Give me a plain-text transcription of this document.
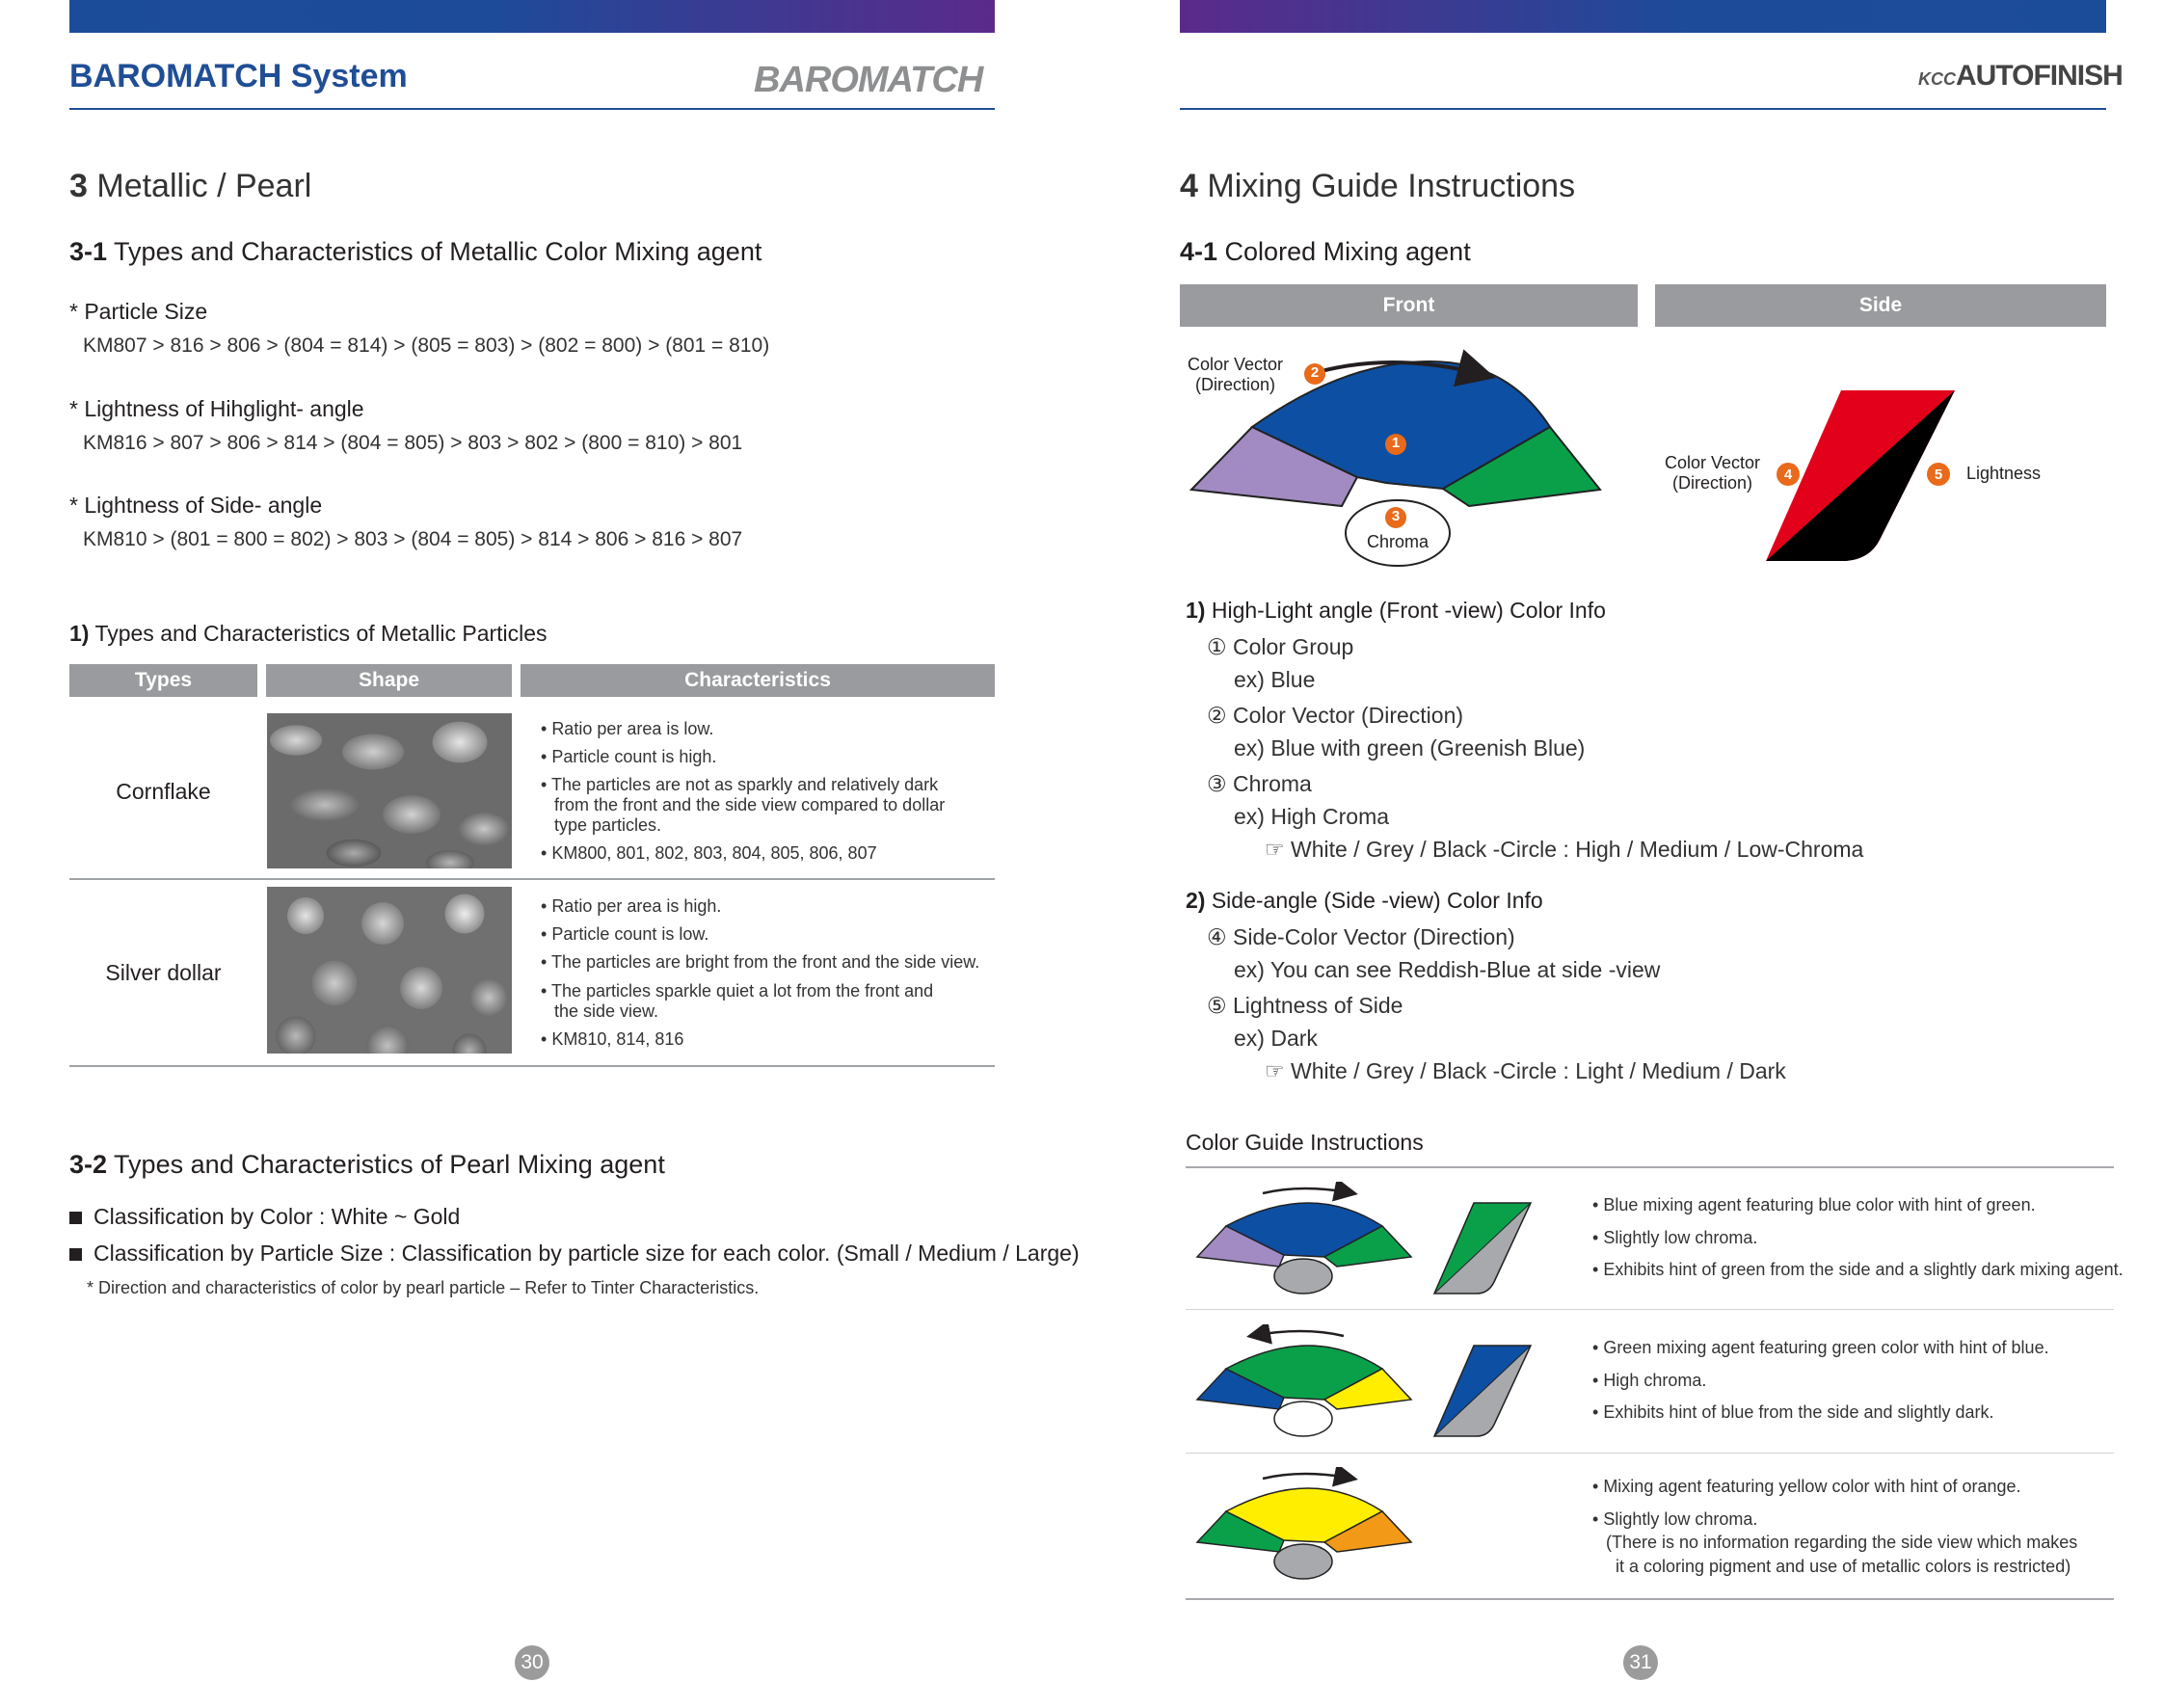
BAROMATCH System	BAROMATCH
3 Metallic / Pearl
3-1 Types and Characteristics of Metallic Color Mixing agent
* Particle Size
KM807 > 816 > 806 > (804 = 814) > (805 = 803) > (802 = 800) > (801 = 810)
* Lightness of Hihglight- angle
KM816 > 807 > 806 > 814 > (804 = 805) > 803 > 802 > (800 = 810) > 801
* Lightness of Side- angle
KM810 > (801 = 800 = 802) > 803 > (804 = 805) > 814 > 806 > 816 > 807
1) Types and Characteristics of Metallic Particles
Types	Shape	Characteristics
Cornflake
• Ratio per area is low.
• Particle count is high.
• The particles are not as sparkly and relatively dark
from the front and the side view compared to dollar
type particles.
• KM800, 801, 802, 803, 804, 805, 806, 807
Silver dollar
• Ratio per area is high.
• Particle count is low.
• The particles are bright from the front and the side view.
• The particles sparkle quiet a lot from the front and
the side view.
• KM810, 814, 816
3-2 Types and Characteristics of Pearl Mixing agent
Classification by Color : White ~ Gold
Classification by Particle Size : Classification by particle size for each color. (Small / Medium / Large)
* Direction and characteristics of color by pearl particle – Refer to Tinter Characteristics.
30
KCCAUTOFINISH
4 Mixing Guide Instructions
4-1 Colored Mixing agent
Front	Side
1
2
3
Color Vector
(Direction)
Chroma
Color Vector
(Direction)	4	5 Lightness
1) High-Light angle (Front -view) Color Info
① Color Group
ex) Blue
② Color Vector (Direction)
ex) Blue with green (Greenish Blue)
③ Chroma
ex) High Croma
☞ White / Grey / Black -Circle : High / Medium / Low-Chroma
2) Side-angle (Side -view) Color Info
④ Side-Color Vector (Direction)
ex) You can see Reddish-Blue at side -view
⑤ Lightness of Side
ex) Dark
☞ White / Grey / Black -Circle : Light / Medium / Dark
Color Guide Instructions
• Blue mixing agent featuring blue color with hint of green.
• Slightly low chroma.
• Exhibits hint of green from the side and a slightly dark mixing agent.
• Green mixing agent featuring green color with hint of blue.
• High chroma.
• Exhibits hint of blue from the side and slightly dark.
• Mixing agent featuring yellow color with hint of orange.
• Slightly low chroma.
(There is no information regarding the side view which makes
it a coloring pigment and use of metallic colors is restricted)
31
